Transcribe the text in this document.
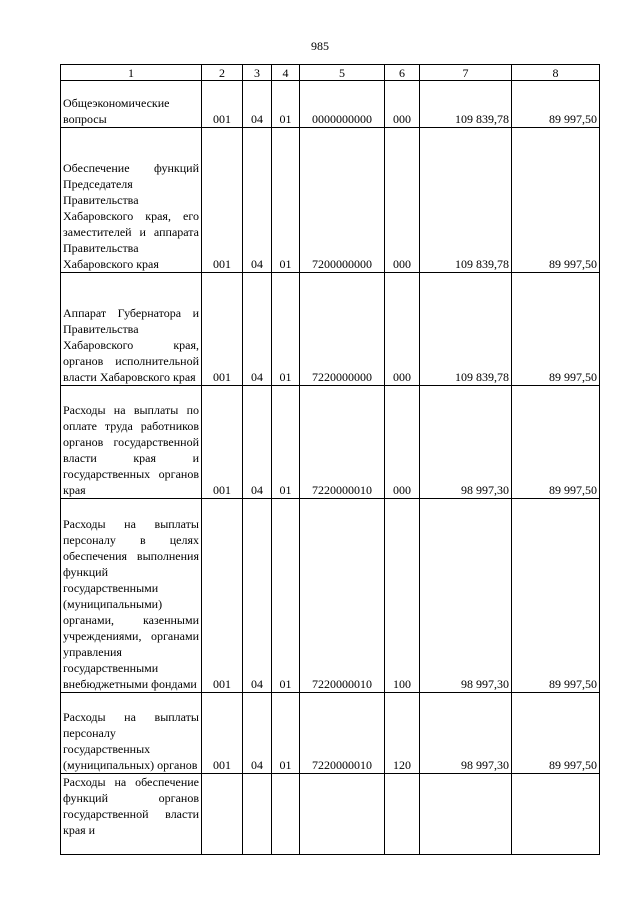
985
1	2	3	4	5	6	7	8
Общеэкономические вопросы	001	04	01	0000000000	000	109 839,78	89 997,50
Обеспечение функций Председателя Правительства Хабаровского края, его заместителей и аппарата Правительства Хабаровского края	001	04	01	7200000000	000	109 839,78	89 997,50
Аппарат Губернатора и Правительства Хабаровского края, органов исполнительной власти Хабаровского края	001	04	01	7220000000	000	109 839,78	89 997,50
Расходы на выплаты по оплате труда работников органов государственной власти края и государственных органов края	001	04	01	7220000010	000	98 997,30	89 997,50
Расходы на выплаты персоналу в целях обеспечения выполнения функций государственными (муниципальными) органами, казенными учреждениями, органами управления государственными внебюджетными фондами	001	04	01	7220000010	100	98 997,30	89 997,50
Расходы на выплаты персоналу государственных (муниципальных) органов	001	04	01	7220000010	120	98 997,30	89 997,50
Расходы на обеспечение функций органов государственной власти края и							
